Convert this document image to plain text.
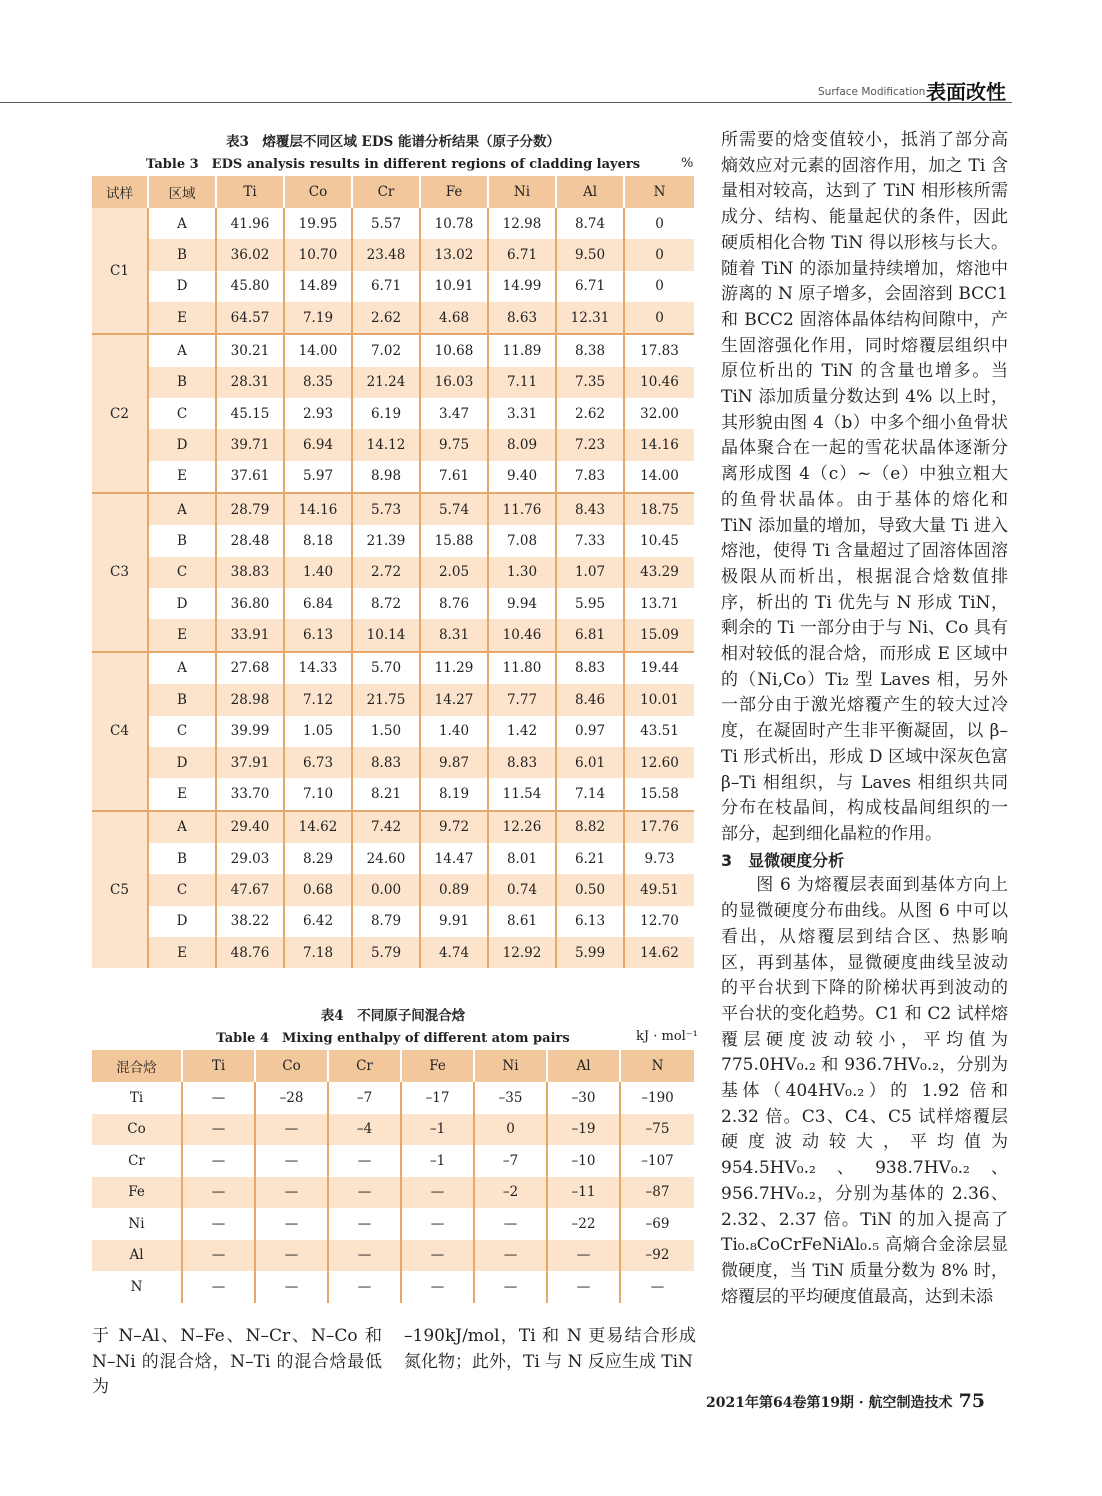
Surface Modification 表面改性
表3　熔覆层不同区域 EDS 能谱分析结果（原子分数）
Table 3　EDS analysis results in different regions of cladding layers	%
试样	区域	Ti	Co	Cr	Fe	Ni	Al	N
C1	A	41.96	19.95	5.57	10.78	12.98	8.74	0
	B	36.02	10.70	23.48	13.02	6.71	9.50	0
	D	45.80	14.89	6.71	10.91	14.99	6.71	0
	E	64.57	7.19	2.62	4.68	8.63	12.31	0
C2	A	30.21	14.00	7.02	10.68	11.89	8.38	17.83
	B	28.31	8.35	21.24	16.03	7.11	7.35	10.46
	C	45.15	2.93	6.19	3.47	3.31	2.62	32.00
	D	39.71	6.94	14.12	9.75	8.09	7.23	14.16
	E	37.61	5.97	8.98	7.61	9.40	7.83	14.00
C3	A	28.79	14.16	5.73	5.74	11.76	8.43	18.75
	B	28.48	8.18	21.39	15.88	7.08	7.33	10.45
	C	38.83	1.40	2.72	2.05	1.30	1.07	43.29
	D	36.80	6.84	8.72	8.76	9.94	5.95	13.71
	E	33.91	6.13	10.14	8.31	10.46	6.81	15.09
C4	A	27.68	14.33	5.70	11.29	11.80	8.83	19.44
	B	28.98	7.12	21.75	14.27	7.77	8.46	10.01
	C	39.99	1.05	1.50	1.40	1.42	0.97	43.51
	D	37.91	6.73	8.83	9.87	8.83	6.01	12.60
	E	33.70	7.10	8.21	8.19	11.54	7.14	15.58
C5	A	29.40	14.62	7.42	9.72	12.26	8.82	17.76
	B	29.03	8.29	24.60	14.47	8.01	6.21	9.73
	C	47.67	0.68	0.00	0.89	0.74	0.50	49.51
	D	38.22	6.42	8.79	9.91	8.61	6.13	12.70
	E	48.76	7.18	5.79	4.74	12.92	5.99	14.62
表4　不同原子间混合焓
Table 4　Mixing enthalpy of different atom pairs	kJ · mol⁻¹
混合焓	Ti	Co	Cr	Fe	Ni	Al	N
Ti	—	–28	–7	–17	–35	–30	–190
Co	—	—	–4	–1	0	–19	–75
Cr	—	—	—	–1	–7	–10	–107
Fe	—	—	—	—	–2	–11	–87
Ni	—	—	—	—	—	–22	–69
Al	—	—	—	—	—	—	–92
N	—	—	—	—	—	—	—

所需要的焓变值较小，抵消了部分高熵效应对元素的固溶作用，加之 Ti 含量相对较高，达到了 TiN 相形核所需成分、结构、能量起伏的条件，因此硬质相化合物 TiN 得以形核与长大。随着 TiN 的添加量持续增加，熔池中游离的 N 原子增多，会固溶到 BCC1 和 BCC2 固溶体晶体结构间隙中，产生固溶强化作用，同时熔覆层组织中原位析出的 TiN 的含量也增多。当 TiN 添加质量分数达到 4% 以上时，其形貌由图 4（b）中多个细小鱼骨状晶体聚合在一起的雪花状晶体逐渐分离形成图 4（c）~（e）中独立粗大的鱼骨状晶体。由于基体的熔化和 TiN 添加量的增加，导致大量 Ti 进入熔池，使得 Ti 含量超过了固溶体固溶极限从而析出，根据混合焓数值排序，析出的 Ti 优先与 N 形成 TiN，剩余的 Ti 一部分由于与 Ni、Co 具有相对较低的混合焓，而形成 E 区域中的（Ni,Co）Ti₂ 型 Laves 相，另外一部分由于激光熔覆产生的较大过冷度，在凝固时产生非平衡凝固，以 β–Ti 形式析出，形成 D 区域中深灰色富 β–Ti 相组织，与 Laves 相组织共同分布在枝晶间，构成枝晶间组织的一部分，起到细化晶粒的作用。

3　显微硬度分析

　　图 6 为熔覆层表面到基体方向上的显微硬度分布曲线。从图 6 中可以看出，从熔覆层到结合区、热影响区，再到基体，显微硬度曲线呈波动的平台状到下降的阶梯状再到波动的平台状的变化趋势。C1 和 C2 试样熔覆层硬度波动较小，平均值为 775.0HV₀.₂ 和 936.7HV₀.₂，分别为基体（404HV₀.₂）的 1.92 倍和 2.32 倍。C3、C4、C5 试样熔覆层硬度波动较大，平均值为 954.5HV₀.₂、938.7HV₀.₂、956.7HV₀.₂，分别为基体的 2.36、2.32、2.37 倍。TiN 的加入提高了 Ti₀.₈CoCrFeNiAl₀.₅ 高熵合金涂层显微硬度，当 TiN 质量分数为 8% 时，熔覆层的平均硬度值最高，达到未添

于 N–Al、N–Fe、N–Cr、N–Co 和 N–Ni 的混合焓，N–Ti 的混合焓最低为
–190kJ/mol，Ti 和 N 更易结合形成氮化物；此外，Ti 与 N 反应生成 TiN
2021年第64卷第19期 · 航空制造技术 75
